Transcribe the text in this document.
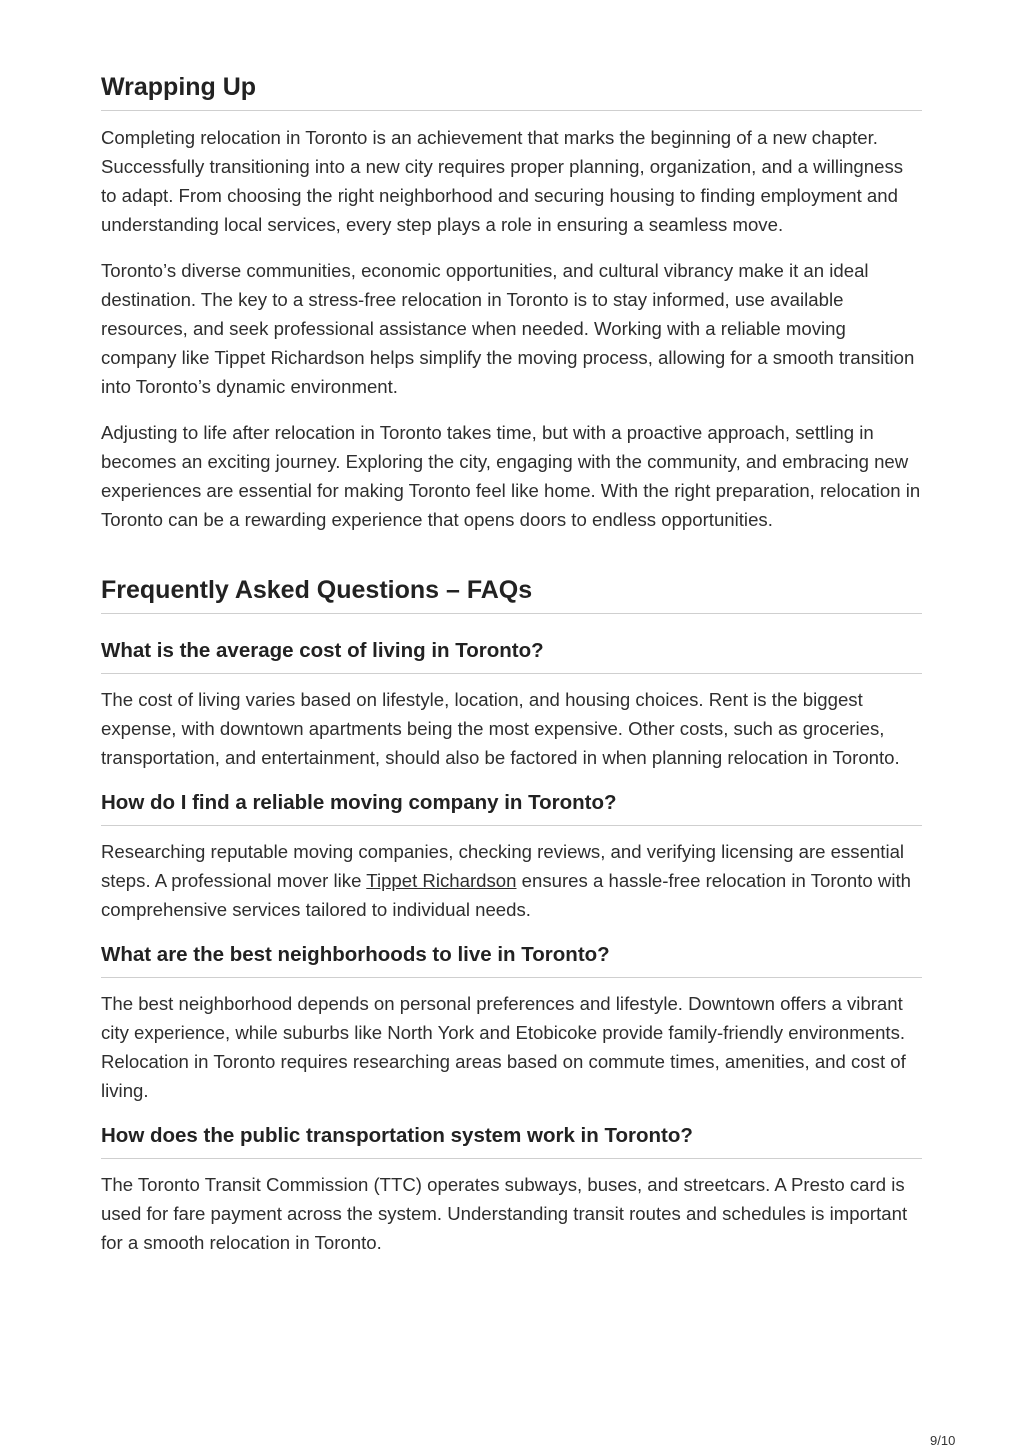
Wrapping Up

Completing relocation in Toronto is an achievement that marks the beginning of a new chapter. Successfully transitioning into a new city requires proper planning, organization, and a willingness to adapt. From choosing the right neighborhood and securing housing to finding employment and understanding local services, every step plays a role in ensuring a seamless move.

Toronto’s diverse communities, economic opportunities, and cultural vibrancy make it an ideal destination. The key to a stress-free relocation in Toronto is to stay informed, use available resources, and seek professional assistance when needed. Working with a reliable moving company like Tippet Richardson helps simplify the moving process, allowing for a smooth transition into Toronto’s dynamic environment.

Adjusting to life after relocation in Toronto takes time, but with a proactive approach, settling in becomes an exciting journey. Exploring the city, engaging with the community, and embracing new experiences are essential for making Toronto feel like home. With the right preparation, relocation in Toronto can be a rewarding experience that opens doors to endless opportunities.

Frequently Asked Questions – FAQs
What is the average cost of living in Toronto?

The cost of living varies based on lifestyle, location, and housing choices. Rent is the biggest expense, with downtown apartments being the most expensive. Other costs, such as groceries, transportation, and entertainment, should also be factored in when planning relocation in Toronto.

How do I find a reliable moving company in Toronto?

Researching reputable moving companies, checking reviews, and verifying licensing are essential steps. A professional mover like Tippet Richardson ensures a hassle-free relocation in Toronto with comprehensive services tailored to individual needs.

What are the best neighborhoods to live in Toronto?

The best neighborhood depends on personal preferences and lifestyle. Downtown offers a vibrant city experience, while suburbs like North York and Etobicoke provide family-friendly environments. Relocation in Toronto requires researching areas based on commute times, amenities, and cost of living.

How does the public transportation system work in Toronto?

The Toronto Transit Commission (TTC) operates subways, buses, and streetcars. A Presto card is used for fare payment across the system. Understanding transit routes and schedules is important for a smooth relocation in Toronto.

9/10
